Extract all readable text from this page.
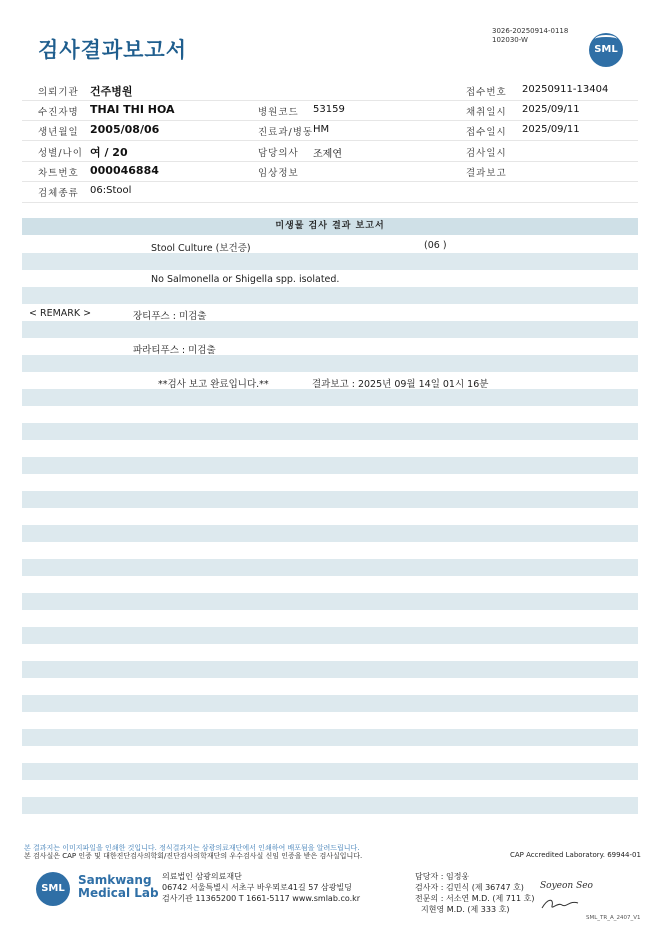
검사결과보고서
3026-20250914-0118
102030-W
SML
의뢰기관 건주병원	접수번호 20250911-13404
수진자명 THAI THI HOA	병원코드 53159	채취일시 2025/09/11
생년월일 2005/08/06	진료과/병동 HM	접수일시 2025/09/11
성별/나이 여 / 20	담당의사 조제연	검사일시
차트번호 000046884	임상정보	결과보고
검체종류 06:Stool
미생물 검사 결과 보고서
Stool Culture (보건증)	(06 )
No Salmonella or Shigella spp. isolated.
< REMARK >	장티푸스 : 미검출
파라티푸스 : 미검출
**검사 보고 완료입니다.**	결과보고 : 2025년 09월 14일 01시 16분
본 결과지는 이미지파일을 인쇄한 것입니다. 정식결과지는 삼광의료재단에서 인쇄하여 배포됨을 알려드립니다.
본 검사실은 CAP 인증 및 대한진단검사의학회/진단검사의학재단의 우수검사실 신임 인증을 받은 검사실입니다.	CAP Accredited Laboratory. 69944-01
SML
Samkwang
Medical Lab
의료법인 삼광의료재단
06742 서울특별시 서초구 바우뫼로41길 57 삼광빌딩
검사기관 11365200 T 1661-5117 www.smlab.co.kr
담당자 : 임정웅
검사자 : 김민식 (제 36747 호)
전문의 : 서소연 M.D. (제 711 호)
지현영 M.D. (제 333 호)
Soyeon Seo
SML_TR_A_2407_V1
